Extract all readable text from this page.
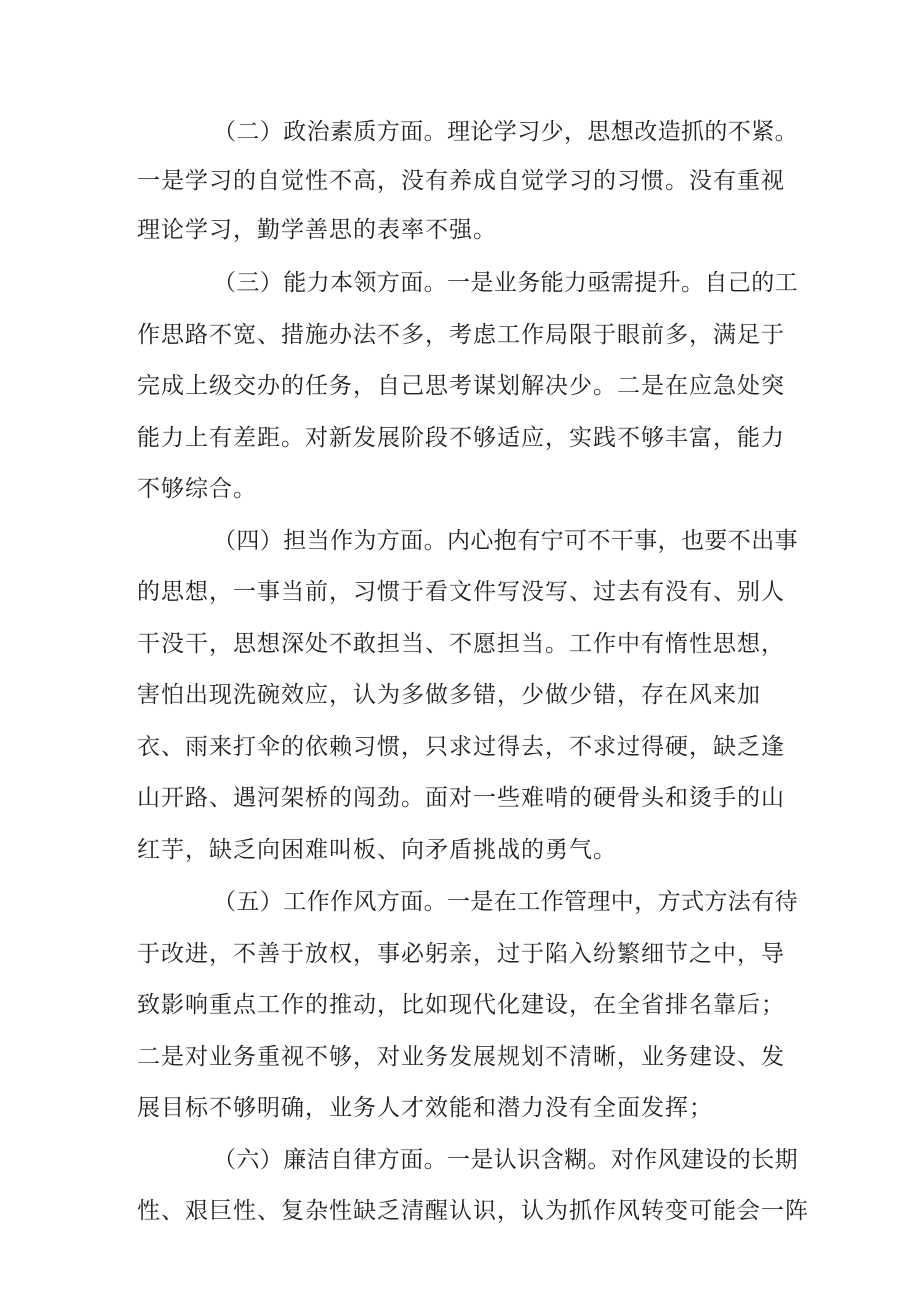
（二）政治素质方面。理论学习少，思想改造抓的不紧。
一是学习的自觉性不高，没有养成自觉学习的习惯。没有重视
理论学习，勤学善思的表率不强。
（三）能力本领方面。一是业务能力亟需提升。自己的工
作思路不宽、措施办法不多，考虑工作局限于眼前多，满足于
完成上级交办的任务，自己思考谋划解决少。二是在应急处突
能力上有差距。对新发展阶段不够适应，实践不够丰富，能力
不够综合。
（四）担当作为方面。内心抱有宁可不干事，也要不出事
的思想，一事当前，习惯于看文件写没写、过去有没有、别人
干没干，思想深处不敢担当、不愿担当。工作中有惰性思想，
害怕出现洗碗效应，认为多做多错，少做少错，存在风来加
衣、雨来打伞的依赖习惯，只求过得去，不求过得硬，缺乏逢
山开路、遇河架桥的闯劲。面对一些难啃的硬骨头和烫手的山
红芋，缺乏向困难叫板、向矛盾挑战的勇气。
（五）工作作风方面。一是在工作管理中，方式方法有待
于改进，不善于放权，事必躬亲，过于陷入纷繁细节之中，导
致影响重点工作的推动，比如现代化建设，在全省排名靠后；
二是对业务重视不够，对业务发展规划不清晰，业务建设、发
展目标不够明确，业务人才效能和潜力没有全面发挥；
（六）廉洁自律方面。一是认识含糊。对作风建设的长期
性、艰巨性、复杂性缺乏清醒认识，认为抓作风转变可能会一阵
